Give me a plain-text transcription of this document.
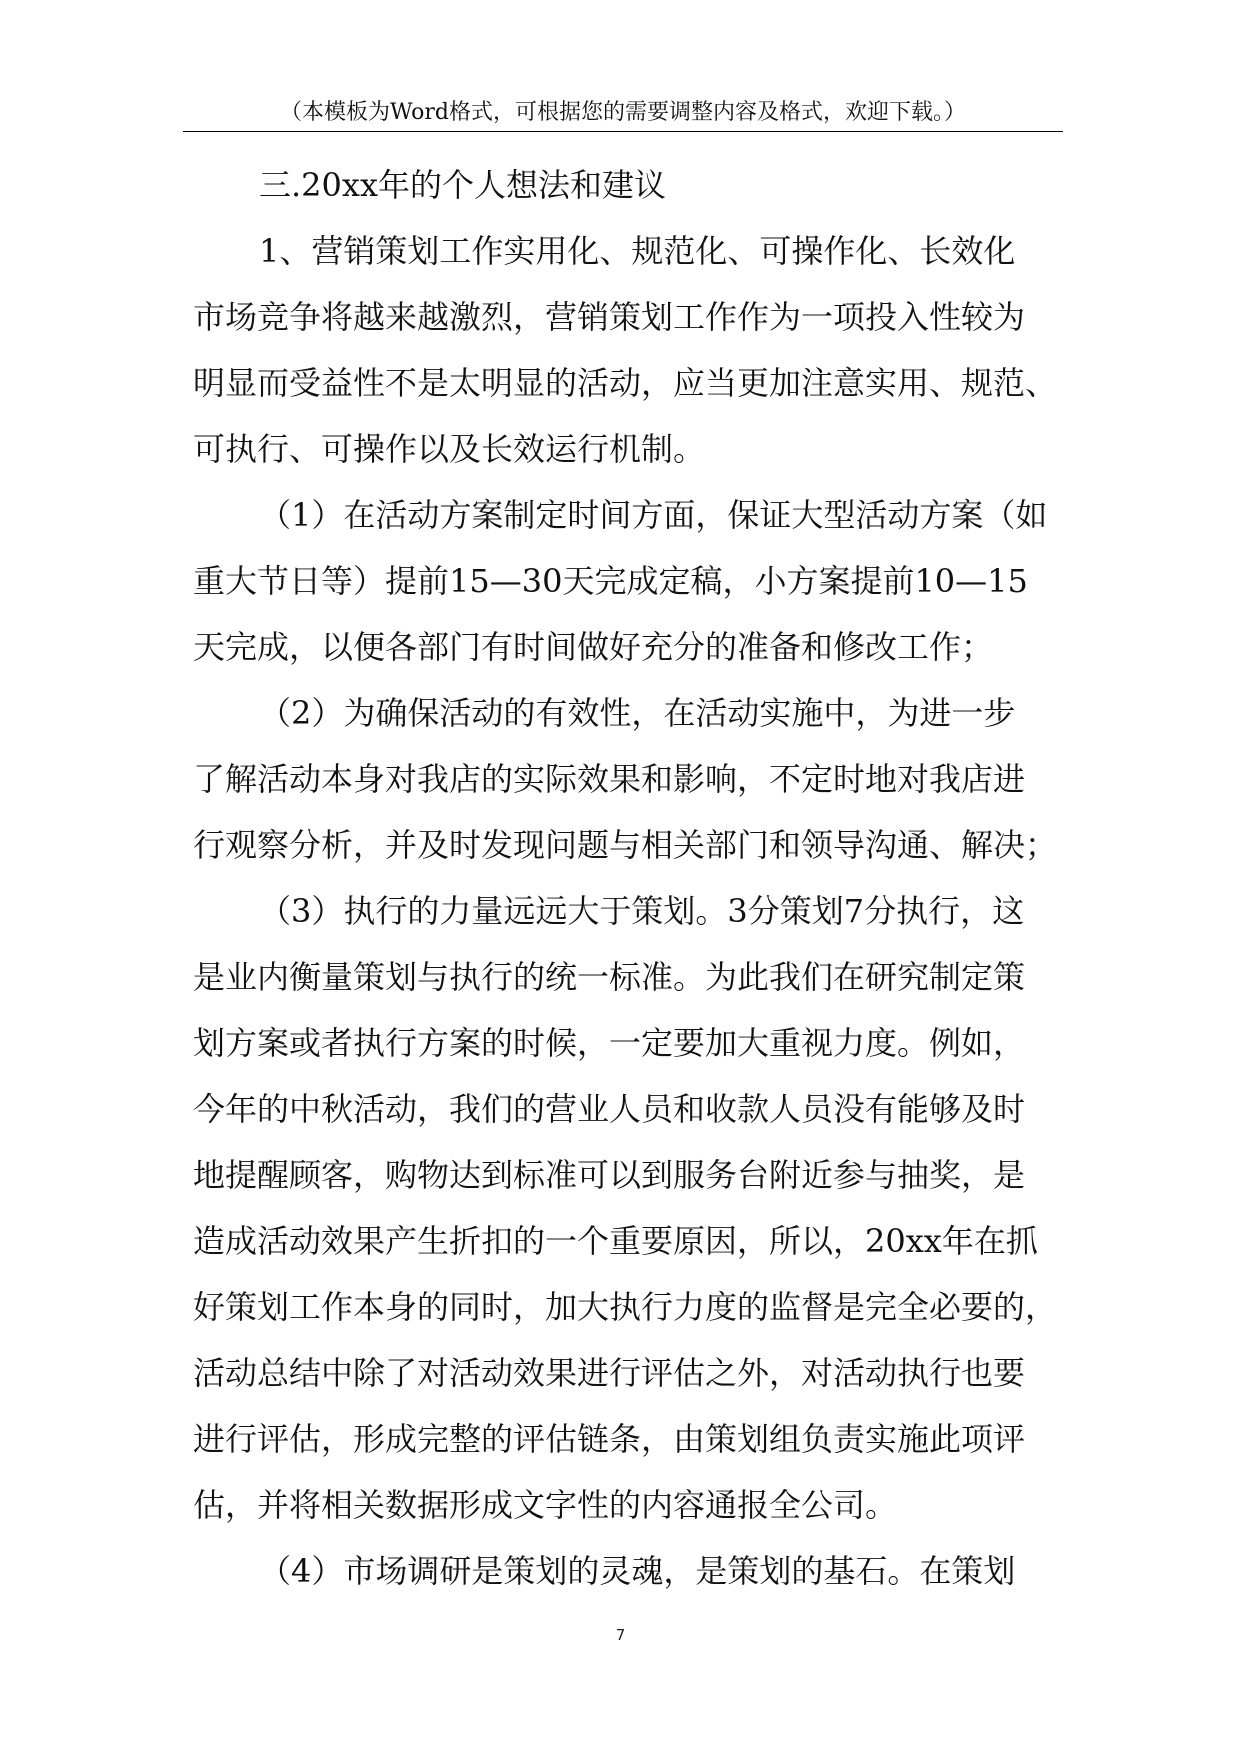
（本模板为Word格式，可根据您的需要调整内容及格式，欢迎下载。）
三.20xx年的个人想法和建议
1、营销策划工作实用化、规范化、可操作化、长效化
市场竞争将越来越激烈，营销策划工作作为一项投入性较为
明显而受益性不是太明显的活动，应当更加注意实用、规范、
可执行、可操作以及长效运行机制。
（1）在活动方案制定时间方面，保证大型活动方案（如
重大节日等）提前15—30天完成定稿，小方案提前10—15
天完成，以便各部门有时间做好充分的准备和修改工作；
（2）为确保活动的有效性，在活动实施中，为进一步
了解活动本身对我店的实际效果和影响，不定时地对我店进
行观察分析，并及时发现问题与相关部门和领导沟通、解决；
（3）执行的力量远远大于策划。3分策划7分执行，这
是业内衡量策划与执行的统一标准。为此我们在研究制定策
划方案或者执行方案的时候，一定要加大重视力度。例如，
今年的中秋活动，我们的营业人员和收款人员没有能够及时
地提醒顾客，购物达到标准可以到服务台附近参与抽奖，是
造成活动效果产生折扣的一个重要原因，所以，20xx年在抓
好策划工作本身的同时，加大执行力度的监督是完全必要的，
活动总结中除了对活动效果进行评估之外，对活动执行也要
进行评估，形成完整的评估链条，由策划组负责实施此项评
估，并将相关数据形成文字性的内容通报全公司。
（4）市场调研是策划的灵魂，是策划的基石。在策划
7
